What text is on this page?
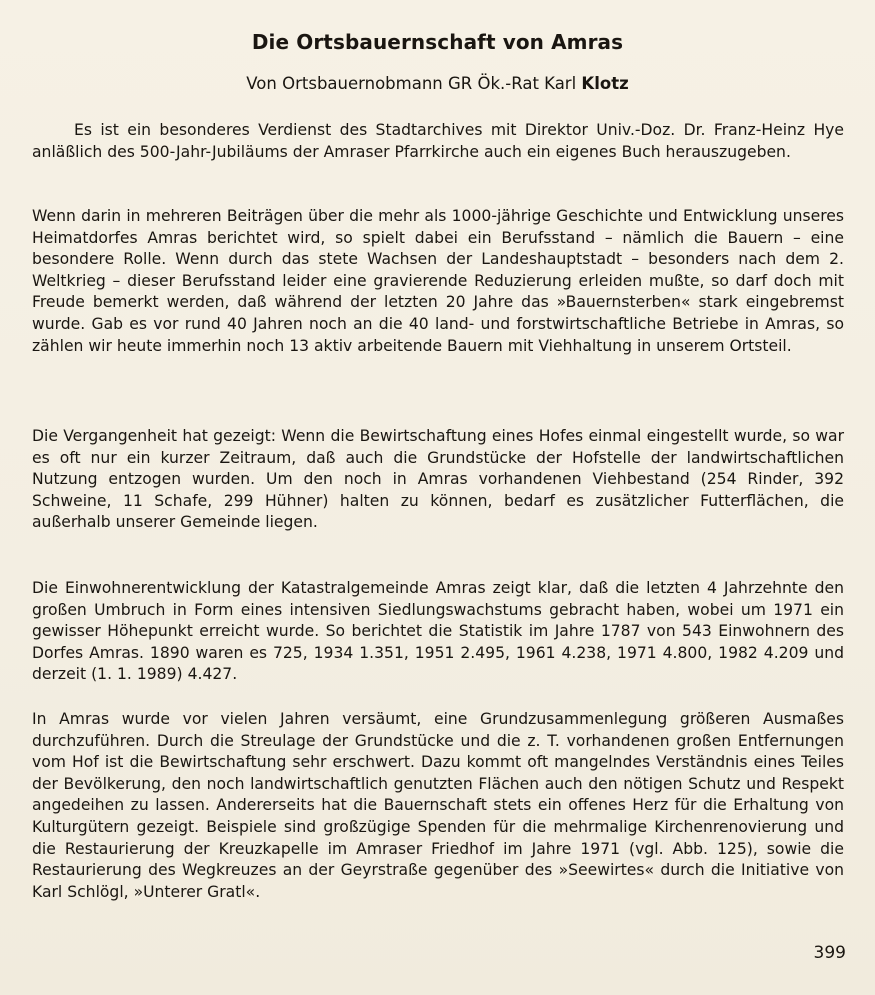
Die Ortsbauernschaft von Amras
Von Ortsbauernobmann GR Ök.-Rat Karl Klotz
Es ist ein besonderes Verdienst des Stadtarchives mit Direktor Univ.-Doz. Dr. Franz-Heinz Hye anläßlich des 500-Jahr-Jubiläums der Amraser Pfarrkirche auch ein eigenes Buch herauszugeben.
Wenn darin in mehreren Beiträgen über die mehr als 1000-jährige Geschichte und Entwicklung unseres Heimatdorfes Amras berichtet wird, so spielt dabei ein Berufsstand – nämlich die Bauern – eine besondere Rolle. Wenn durch das stete Wachsen der Landeshauptstadt – besonders nach dem 2. Weltkrieg – dieser Berufsstand leider eine gravierende Reduzierung erleiden mußte, so darf doch mit Freude bemerkt werden, daß während der letzten 20 Jahre das »Bauernsterben« stark eingebremst wurde. Gab es vor rund 40 Jahren noch an die 40 land- und forstwirtschaftliche Betriebe in Amras, so zählen wir heute immerhin noch 13 aktiv arbeitende Bauern mit Viehhaltung in unserem Ortsteil.
Die Vergangenheit hat gezeigt: Wenn die Bewirtschaftung eines Hofes einmal eingestellt wurde, so war es oft nur ein kurzer Zeitraum, daß auch die Grundstücke der Hofstelle der landwirtschaftlichen Nutzung entzogen wurden. Um den noch in Amras vorhandenen Viehbestand (254 Rinder, 392 Schweine, 11 Schafe, 299 Hühner) halten zu können, bedarf es zusätzlicher Futterflächen, die außerhalb unserer Gemeinde liegen.
Die Einwohnerentwicklung der Katastralgemeinde Amras zeigt klar, daß die letzten 4 Jahrzehnte den großen Umbruch in Form eines intensiven Siedlungswachstums gebracht haben, wobei um 1971 ein gewisser Höhepunkt erreicht wurde. So berichtet die Statistik im Jahre 1787 von 543 Einwohnern des Dorfes Amras. 1890 waren es 725, 1934 1.351, 1951 2.495, 1961 4.238, 1971 4.800, 1982 4.209 und derzeit (1. 1. 1989) 4.427.
In Amras wurde vor vielen Jahren versäumt, eine Grundzusammenlegung größeren Ausmaßes durchzuführen. Durch die Streulage der Grundstücke und die z. T. vorhandenen großen Entfernungen vom Hof ist die Bewirtschaftung sehr erschwert. Dazu kommt oft mangelndes Verständnis eines Teiles der Bevölkerung, den noch landwirtschaftlich genutzten Flächen auch den nötigen Schutz und Respekt angedeihen zu lassen. Andererseits hat die Bauernschaft stets ein offenes Herz für die Erhaltung von Kulturgütern gezeigt. Beispiele sind großzügige Spenden für die mehrmalige Kirchenrenovierung und die Restaurierung der Kreuzkapelle im Amraser Friedhof im Jahre 1971 (vgl. Abb. 125), sowie die Restaurierung des Wegkreuzes an der Geyrstraße gegenüber des »Seewirtes« durch die Initiative von Karl Schlögl, »Unterer Gratl«.
399
